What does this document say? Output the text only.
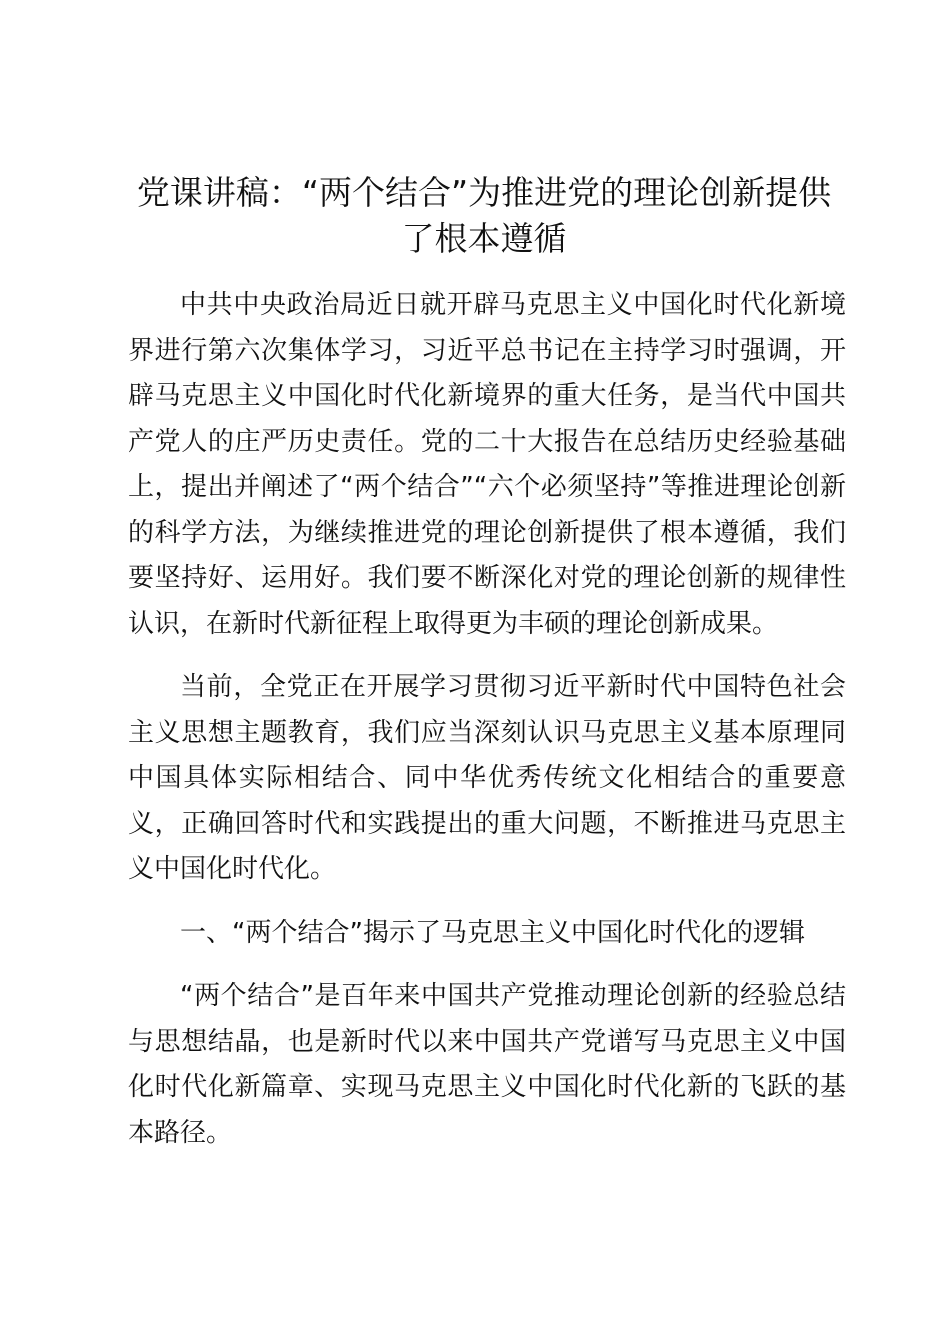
党课讲稿：“两个结合”为推进党的理论创新提供了根本遵循

中共中央政治局近日就开辟马克思主义中国化时代化新境界进行第六次集体学习，习近平总书记在主持学习时强调，开辟马克思主义中国化时代化新境界的重大任务，是当代中国共产党人的庄严历史责任。党的二十大报告在总结历史经验基础上，提出并阐述了“两个结合”“六个必须坚持”等推进理论创新的科学方法，为继续推进党的理论创新提供了根本遵循，我们要坚持好、运用好。我们要不断深化对党的理论创新的规律性认识，在新时代新征程上取得更为丰硕的理论创新成果。

当前，全党正在开展学习贯彻习近平新时代中国特色社会主义思想主题教育，我们应当深刻认识马克思主义基本原理同中国具体实际相结合、同中华优秀传统文化相结合的重要意义，正确回答时代和实践提出的重大问题，不断推进马克思主义中国化时代化。

一、“两个结合”揭示了马克思主义中国化时代化的逻辑

“两个结合”是百年来中国共产党推动理论创新的经验总结与思想结晶，也是新时代以来中国共产党谱写马克思主义中国化时代化新篇章、实现马克思主义中国化时代化新的飞跃的基本路径。
